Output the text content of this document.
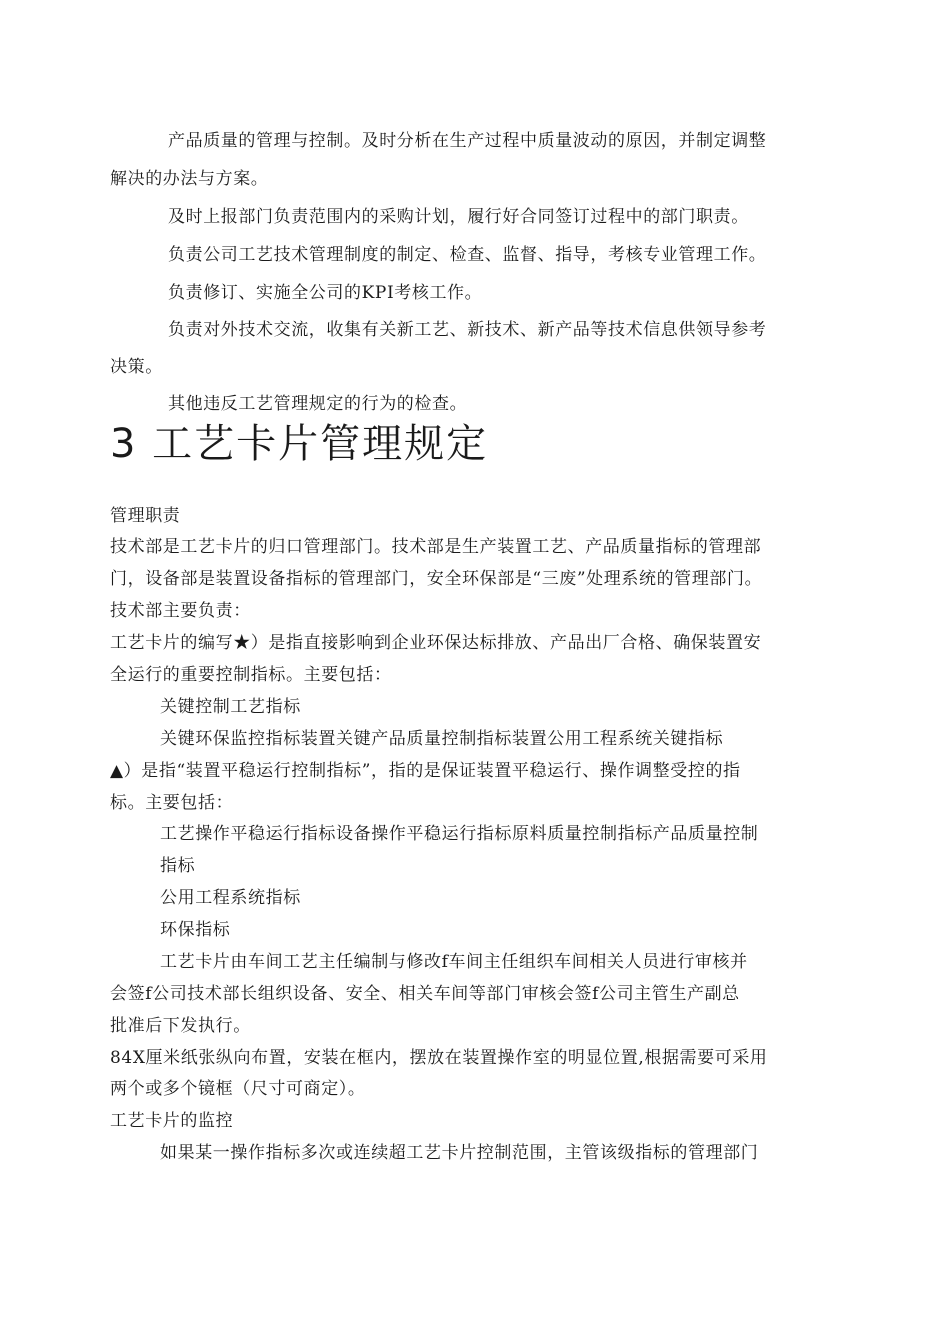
产品质量的管理与控制。及时分析在生产过程中质量波动的原因，并制定调整
解决的办法与方案。
及时上报部门负责范围内的采购计划，履行好合同签订过程中的部门职责。
负责公司工艺技术管理制度的制定、检查、监督、指导，考核专业管理工作。
负责修订、实施全公司的KPI考核工作。
负责对外技术交流，收集有关新工艺、新技术、新产品等技术信息供领导参考
决策。
其他违反工艺管理规定的行为的检查。
3 工艺卡片管理规定
管理职责
技术部是工艺卡片的归口管理部门。技术部是生产装置工艺、产品质量指标的管理部
门，设备部是装置设备指标的管理部门，安全环保部是“三废”处理系统的管理部门。
技术部主要负责：
工艺卡片的编写★）是指直接影响到企业环保达标排放、产品出厂合格、确保装置安
全运行的重要控制指标。主要包括：
关键控制工艺指标
关键环保监控指标装置关键产品质量控制指标装置公用工程系统关键指标
▲）是指“装置平稳运行控制指标”，指的是保证装置平稳运行、操作调整受控的指
标。主要包括：
工艺操作平稳运行指标设备操作平稳运行指标原料质量控制指标产品质量控制
指标
公用工程系统指标
环保指标
工艺卡片由车间工艺主任编制与修改f车间主任组织车间相关人员进行审核并
会签f公司技术部长组织设备、安全、相关车间等部门审核会签f公司主管生产副总
批准后下发执行。
84X厘米纸张纵向布置，安装在框内，摆放在装置操作室的明显位置,根据需要可采用
两个或多个镜框（尺寸可商定）。
工艺卡片的监控
如果某一操作指标多次或连续超工艺卡片控制范围，主管该级指标的管理部门
